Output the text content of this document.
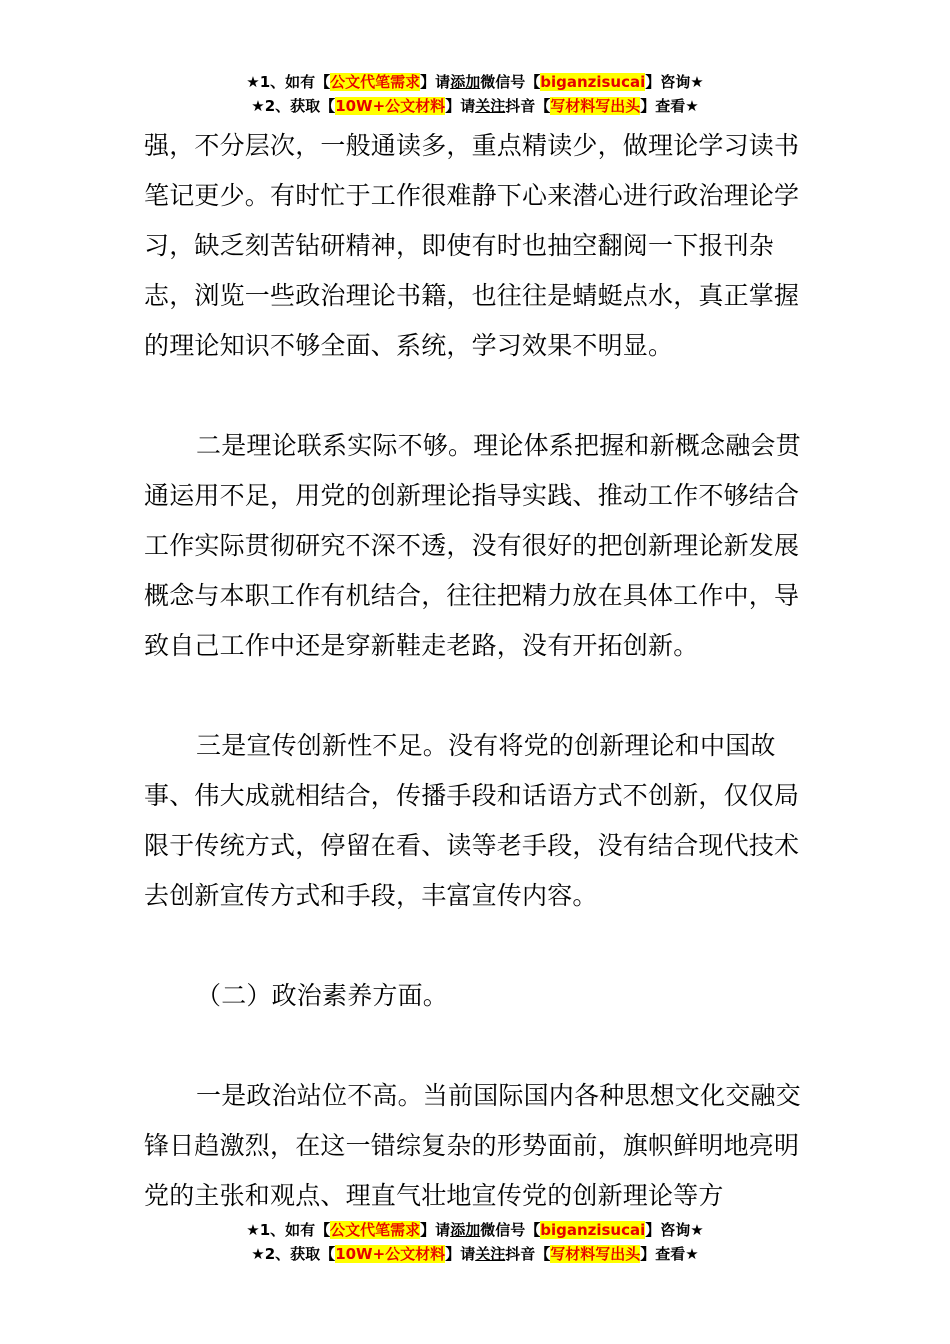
★1、如有【公文代笔需求】请添加微信号【biganzisucai】咨询★
★2、获取【10W+公文材料】请关注抖音【写材料写出头】查看★

强，不分层次，一般通读多，重点精读少，做理论学习读书笔记更少。有时忙于工作很难静下心来潜心进行政治理论学习，缺乏刻苦钻研精神，即使有时也抽空翻阅一下报刊杂志，浏览一些政治理论书籍，也往往是蜻蜓点水，真正掌握的理论知识不够全面、系统，学习效果不明显。

二是理论联系实际不够。理论体系把握和新概念融会贯通运用不足，用党的创新理论指导实践、推动工作不够结合工作实际贯彻研究不深不透，没有很好的把创新理论新发展概念与本职工作有机结合，往往把精力放在具体工作中，导致自己工作中还是穿新鞋走老路，没有开拓创新。

三是宣传创新性不足。没有将党的创新理论和中国故事、伟大成就相结合，传播手段和话语方式不创新，仅仅局限于传统方式，停留在看、读等老手段，没有结合现代技术去创新宣传方式和手段，丰富宣传内容。

（二）政治素养方面。

一是政治站位不高。当前国际国内各种思想文化交融交锋日趋激烈，在这一错综复杂的形势面前，旗帜鲜明地亮明党的主张和观点、理直气壮地宣传党的创新理论等方

★1、如有【公文代笔需求】请添加微信号【biganzisucai】咨询★
★2、获取【10W+公文材料】请关注抖音【写材料写出头】查看★
